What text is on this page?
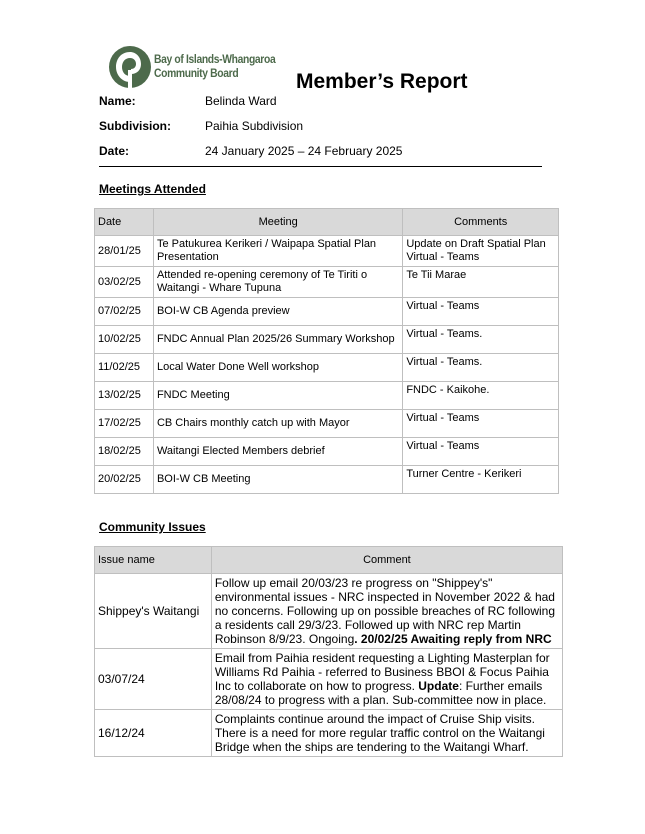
Bay of Islands-Whangaroa
Community Board	Member’s Report
Name:	Belinda Ward
Subdivision:	Paihia Subdivision
Date:	24 January 2025 – 24 February 2025
Meetings Attended
Date	Meeting	Comments
28/01/25	Te Patukurea Kerikeri / Waipapa Spatial Plan Presentation	Update on Draft Spatial Plan Virtual - Teams
03/02/25	Attended re-opening ceremony of Te Tiriti o Waitangi - Whare Tupuna	Te Tii Marae
07/02/25	BOI-W CB Agenda preview	Virtual - Teams
10/02/25	FNDC Annual Plan 2025/26 Summary Workshop	Virtual - Teams.
11/02/25	Local Water Done Well workshop	Virtual - Teams.
13/02/25	FNDC Meeting	FNDC - Kaikohe.
17/02/25	CB Chairs monthly catch up with Mayor	Virtual - Teams
18/02/25	Waitangi Elected Members debrief	Virtual - Teams
20/02/25	BOI-W CB Meeting	Turner Centre - Kerikeri
Community Issues
Issue name	Comment
Shippey's Waitangi	Follow up email 20/03/23 re progress on "Shippey's" environmental issues - NRC inspected in November 2022 & had no concerns. Following up on possible breaches of RC following a residents call 29/3/23. Followed up with NRC rep Martin Robinson 8/9/23. Ongoing. 20/02/25 Awaiting reply from NRC
03/07/24	Email from Paihia resident requesting a Lighting Masterplan for Williams Rd Paihia - referred to Business BBOI & Focus Paihia Inc to collaborate on how to progress. Update: Further emails 28/08/24 to progress with a plan. Sub-committee now in place.
16/12/24	Complaints continue around the impact of Cruise Ship visits. There is a need for more regular traffic control on the Waitangi Bridge when the ships are tendering to the Waitangi Wharf.
